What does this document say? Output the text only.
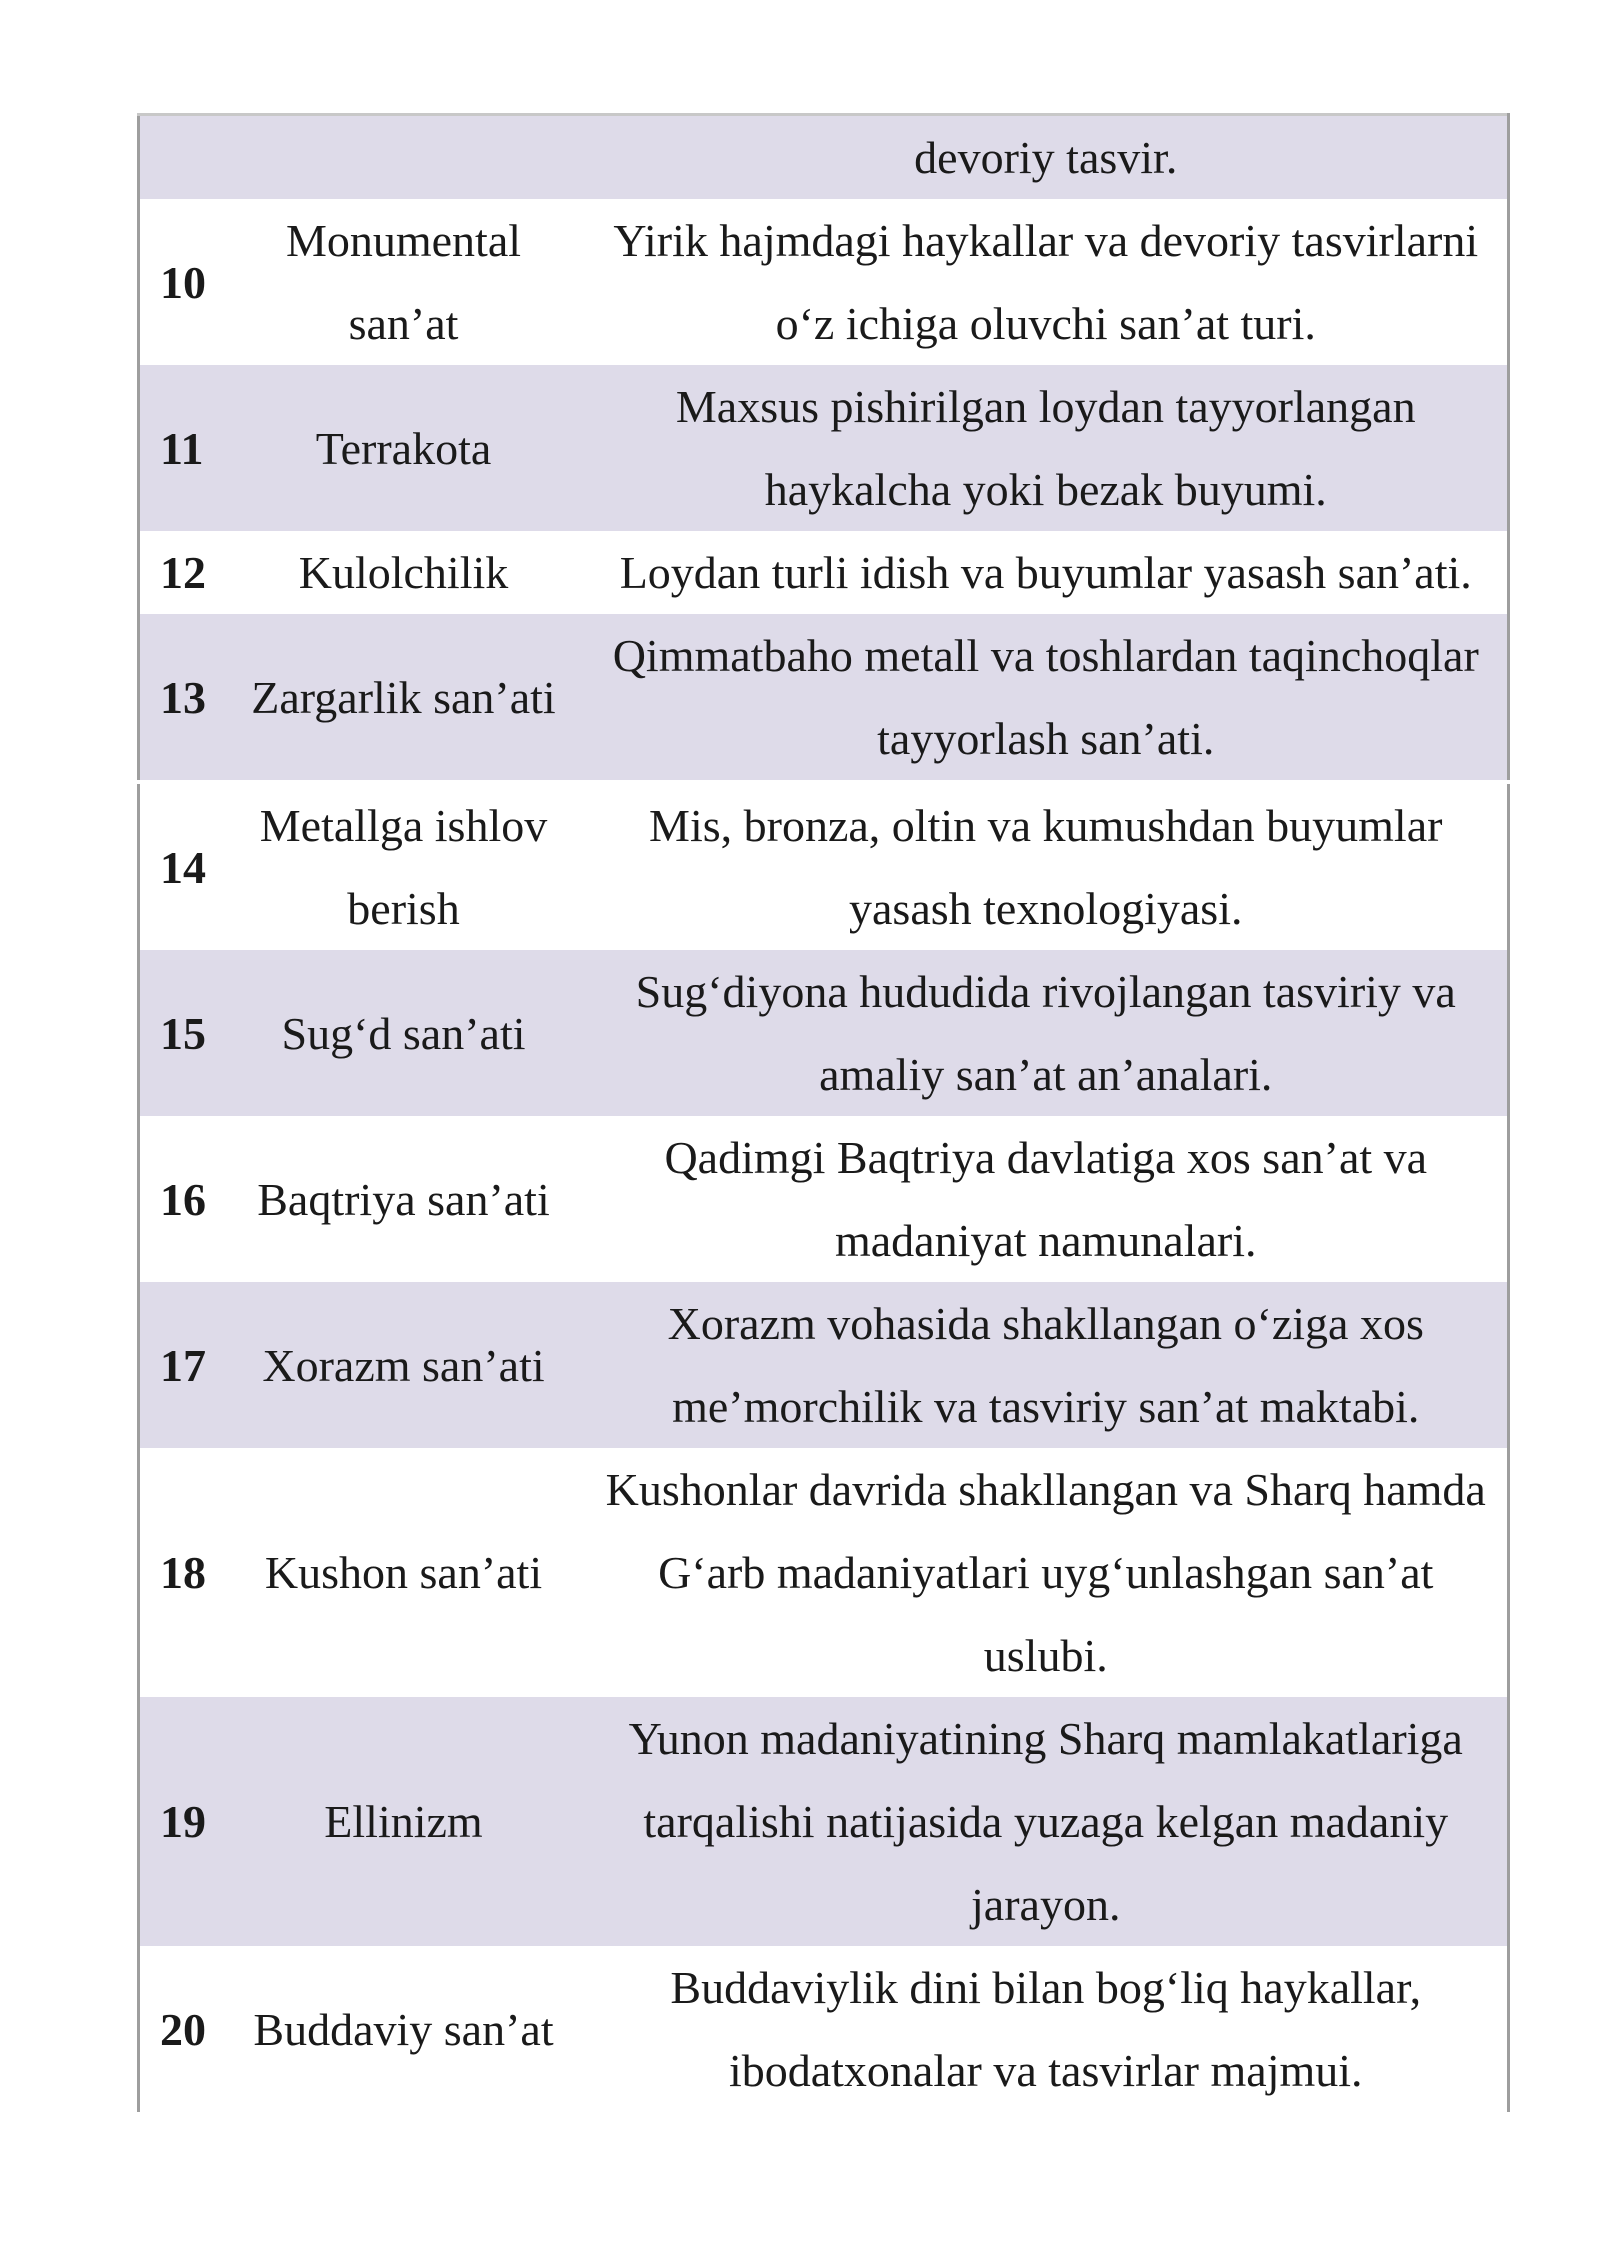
		devoriy tasvir.
10	Monumental san’at	Yirik hajmdagi haykallar va devoriy tasvirlarni o‘z ichiga oluvchi san’at turi.
11	Terrakota	Maxsus pishirilgan loydan tayyorlangan haykalcha yoki bezak buyumi.
12	Kulolchilik	Loydan turli idish va buyumlar yasash san’ati.
13	Zargarlik san’ati	Qimmatbaho metall va toshlardan taqinchoqlar tayyorlash san’ati.
14	Metallga ishlov berish	Mis, bronza, oltin va kumushdan buyumlar yasash texnologiyasi.
15	Sug‘d san’ati	Sug‘diyona hududida rivojlangan tasviriy va amaliy san’at an’analari.
16	Baqtriya san’ati	Qadimgi Baqtriya davlatiga xos san’at va madaniyat namunalari.
17	Xorazm san’ati	Xorazm vohasida shakllangan o‘ziga xos me’morchilik va tasviriy san’at maktabi.
18	Kushon san’ati	Kushonlar davrida shakllangan va Sharq hamda G‘arb madaniyatlari uyg‘unlashgan san’at uslubi.
19	Ellinizm	Yunon madaniyatining Sharq mamlakatlariga tarqalishi natijasida yuzaga kelgan madaniy jarayon.
20	Buddaviy san’at	Buddaviylik dini bilan bog‘liq haykallar, ibodatxonalar va tasvirlar majmui.
